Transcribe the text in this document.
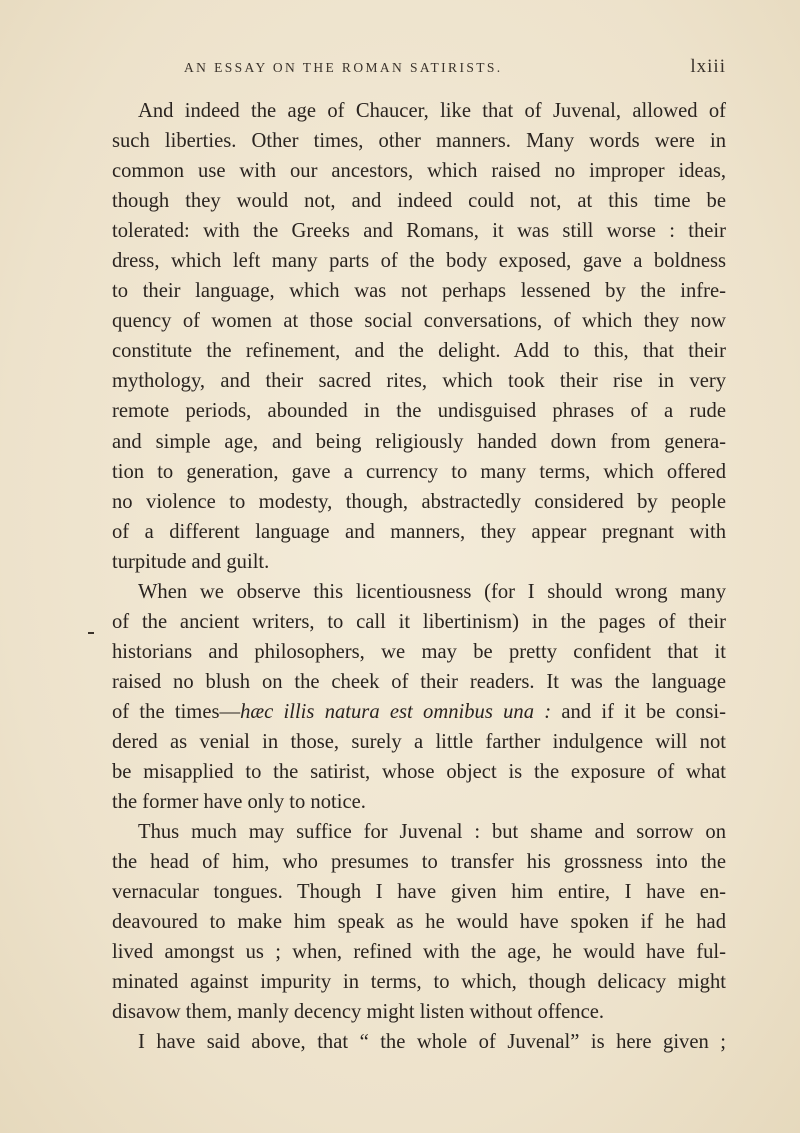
AN ESSAY ON THE ROMAN SATIRISTS.	lxiii
And indeed the age of Chaucer, like that of Juvenal, allowed of
such liberties. Other times, other manners. Many words were in
common use with our ancestors, which raised no improper ideas,
though they would not, and indeed could not, at this time be
tolerated: with the Greeks and Romans, it was still worse : their
dress, which left many parts of the body exposed, gave a boldness
to their language, which was not perhaps lessened by the infre-
quency of women at those social conversations, of which they now
constitute the refinement, and the delight. Add to this, that their
mythology, and their sacred rites, which took their rise in very
remote periods, abounded in the undisguised phrases of a rude
and simple age, and being religiously handed down from genera-
tion to generation, gave a currency to many terms, which offered
no violence to modesty, though, abstractedly considered by people
of a different language and manners, they appear pregnant with
turpitude and guilt.
When we observe this licentiousness (for I should wrong many
of the ancient writers, to call it libertinism) in the pages of their
historians and philosophers, we may be pretty confident that it
raised no blush on the cheek of their readers. It was the language
of the times—hæc illis natura est omnibus una : and if it be consi-
dered as venial in those, surely a little farther indulgence will not
be misapplied to the satirist, whose object is the exposure of what
the former have only to notice.
Thus much may suffice for Juvenal : but shame and sorrow on
the head of him, who presumes to transfer his grossness into the
vernacular tongues. Though I have given him entire, I have en-
deavoured to make him speak as he would have spoken if he had
lived amongst us ; when, refined with the age, he would have ful-
minated against impurity in terms, to which, though delicacy might
disavow them, manly decency might listen without offence.
I have said above, that “ the whole of Juvenal” is here given ;
